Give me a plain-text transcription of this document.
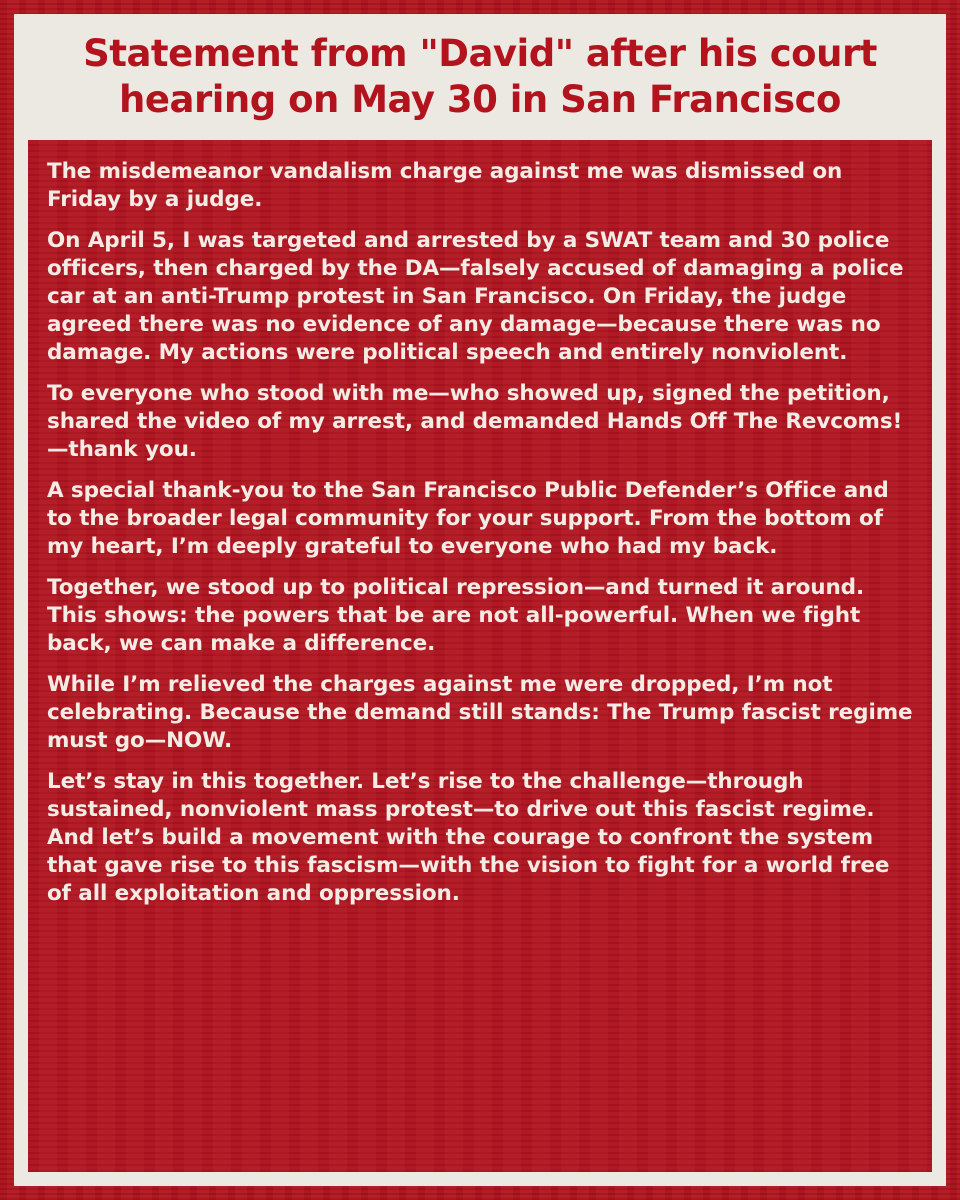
Statement from "David" after his court hearing on May 30 in San Francisco

The misdemeanor vandalism charge against me was dismissed on Friday by a judge.

On April 5, I was targeted and arrested by a SWAT team and 30 police officers, then charged by the DA—falsely accused of damaging a police car at an anti-Trump protest in San Francisco. On Friday, the judge agreed there was no evidence of any damage—because there was no damage. My actions were political speech and entirely nonviolent.

To everyone who stood with me—who showed up, signed the petition, shared the video of my arrest, and demanded Hands Off The Revcoms!—thank you.

A special thank-you to the San Francisco Public Defender’s Office and to the broader legal community for your support. From the bottom of my heart, I’m deeply grateful to everyone who had my back.

Together, we stood up to political repression—and turned it around. This shows: the powers that be are not all-powerful. When we fight back, we can make a difference.

While I’m relieved the charges against me were dropped, I’m not celebrating. Because the demand still stands: The Trump fascist regime must go—NOW.

Let’s stay in this together. Let’s rise to the challenge—through sustained, nonviolent mass protest—to drive out this fascist regime. And let’s build a movement with the courage to confront the system that gave rise to this fascism—with the vision to fight for a world free of all exploitation and oppression.
